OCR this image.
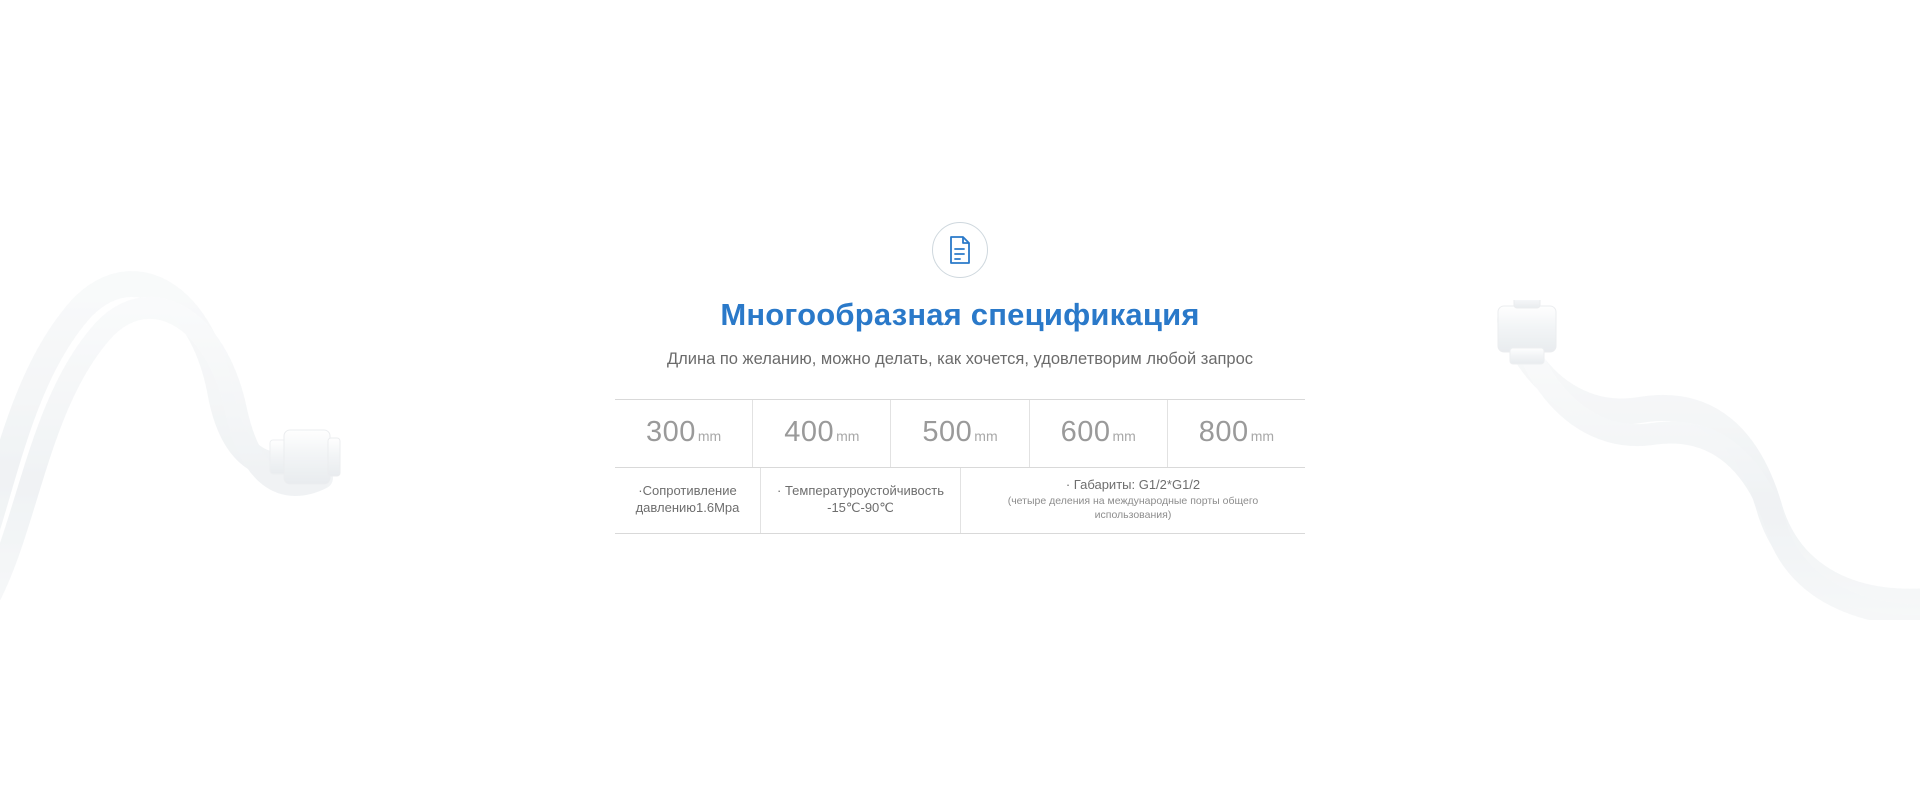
Многообразная спецификация

Длина по желанию, можно делать, как хочется, удовлетворим любой запрос

300 mm 400 mm 500 mm 600 mm 800 mm
·Сопротивление давлению1.6Mpa
· Температуроустойчивость -15℃-90℃
· Габариты: G1/2*G1/2
(четыре деления на международные порты общего использования)
